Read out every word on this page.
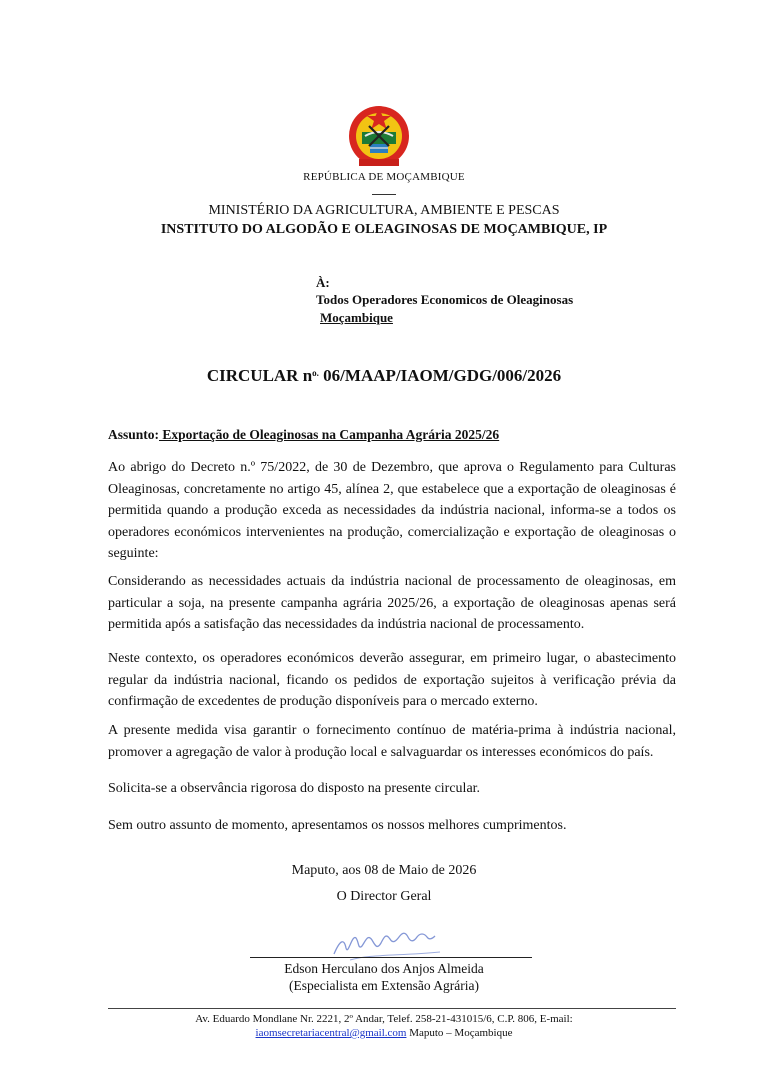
REPÚBLICA DE MOÇAMBIQUE
MINISTÉRIO DA AGRICULTURA, AMBIENTE E PESCAS
INSTITUTO DO ALGODÃO E OLEAGINOSAS DE MOÇAMBIQUE, IP
À:
Todos Operadores Economicos de Oleaginosas
Moçambique
CIRCULAR $n^{o.}$ 06/MAAP/IAOM/GDG/006/2026
Assunto: Exportação de Oleaginosas na Campanha Agrária 2025/26

Ao abrigo do Decreto n.º 75/2022, de 30 de Dezembro, que aprova o Regulamento para Culturas Oleaginosas, concretamente no artigo 45, alínea 2, que estabelece que a exportação de oleaginosas é permitida quando a produção exceda as necessidades da indústria nacional, informa-se a todos os operadores económicos intervenientes na produção, comercialização e exportação de oleaginosas o seguinte:

Considerando as necessidades actuais da indústria nacional de processamento de oleaginosas, em particular a soja, na presente campanha agrária 2025/26, a exportação de oleaginosas apenas será permitida após a satisfação das necessidades da indústria nacional de processamento.

Neste contexto, os operadores económicos deverão assegurar, em primeiro lugar, o abastecimento regular da indústria nacional, ficando os pedidos de exportação sujeitos à verificação prévia da confirmação de excedentes de produção disponíveis para o mercado externo.

A presente medida visa garantir o fornecimento contínuo de matéria-prima à indústria nacional, promover a agregação de valor à produção local e salvaguardar os interesses económicos do país.

Solicita-se a observância rigorosa do disposto na presente circular.

Sem outro assunto de momento, apresentamos os nossos melhores cumprimentos.

Maputo, aos 08 de Maio de 2026
O Director Geral
Edson Herculano dos Anjos Almeida
(Especialista em Extensão Agrária)
Av. Eduardo Mondlane Nr. 2221, 2º Andar, Telef. 258-21-431015/6, C.P. 806, E-mail:
iaomsecretariacentral@gmail.com Maputo – Moçambique
